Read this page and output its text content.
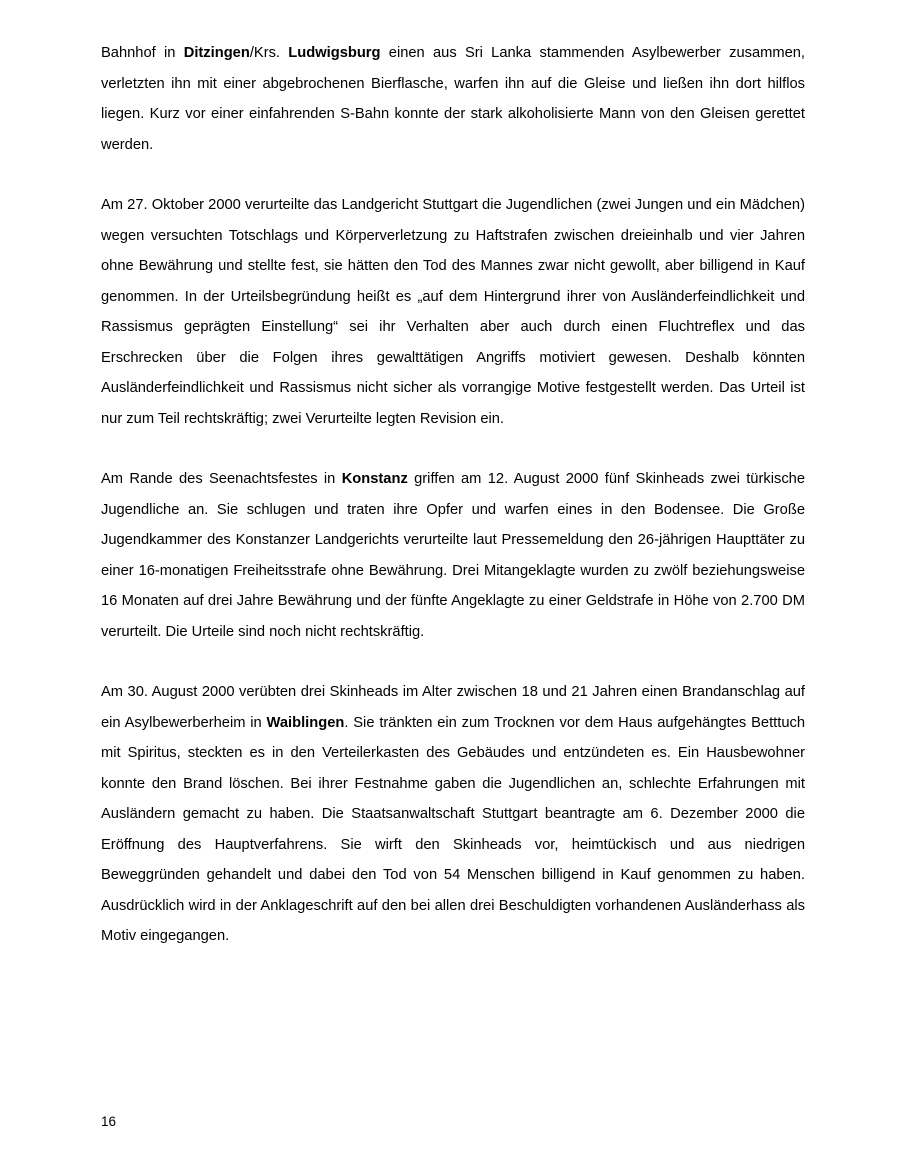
Bahnhof in Ditzingen/Krs. Ludwigsburg einen aus Sri Lanka stammenden Asylbewerber zusammen, verletzten ihn mit einer abgebrochenen Bierflasche, warfen ihn auf die Gleise und ließen ihn dort hilflos liegen. Kurz vor einer einfahrenden S-Bahn konnte der stark alkoholisierte Mann von den Gleisen gerettet werden.

Am 27. Oktober 2000 verurteilte das Landgericht Stuttgart die Jugendlichen (zwei Jungen und ein Mädchen) wegen versuchten Totschlags und Körperverletzung zu Haftstrafen zwischen dreieinhalb und vier Jahren ohne Bewährung und stellte fest, sie hätten den Tod des Mannes zwar nicht gewollt, aber billigend in Kauf genommen. In der Urteilsbegründung heißt es „auf dem Hintergrund ihrer von Ausländerfeindlichkeit und Rassismus geprägten Einstellung“ sei ihr Verhalten aber auch durch einen Fluchtreflex und das Erschrecken über die Folgen ihres gewalttätigen Angriffs motiviert gewesen. Deshalb könnten Ausländerfeindlichkeit und Rassismus nicht sicher als vorrangige Motive festgestellt werden. Das Urteil ist nur zum Teil rechtskräftig; zwei Verurteilte legten Revision ein.

Am Rande des Seenachtsfestes in Konstanz griffen am 12. August 2000 fünf Skinheads zwei türkische Jugendliche an. Sie schlugen und traten ihre Opfer und warfen eines in den Bodensee. Die Große Jugendkammer des Konstanzer Landgerichts verurteilte laut Pressemeldung den 26-jährigen Haupttäter zu einer 16-monatigen Freiheitsstrafe ohne Bewährung. Drei Mitangeklagte wurden zu zwölf beziehungsweise 16 Monaten auf drei Jahre Bewährung und der fünfte Angeklagte zu einer Geldstrafe in Höhe von 2.700 DM verurteilt. Die Urteile sind noch nicht rechtskräftig.

Am 30. August 2000 verübten drei Skinheads im Alter zwischen 18 und 21 Jahren einen Brandanschlag auf ein Asylbewerberheim in Waiblingen. Sie tränkten ein zum Trocknen vor dem Haus aufgehängtes Betttuch mit Spiritus, steckten es in den Verteilerkasten des Gebäudes und entzündeten es. Ein Hausbewohner konnte den Brand löschen. Bei ihrer Festnahme gaben die Jugendlichen an, schlechte Erfahrungen mit Ausländern gemacht zu haben. Die Staatsanwaltschaft Stuttgart beantragte am 6. Dezember 2000 die Eröffnung des Hauptverfahrens. Sie wirft den Skinheads vor, heimtückisch und aus niedrigen Beweggründen gehandelt und dabei den Tod von 54 Menschen billigend in Kauf genommen zu haben. Ausdrücklich wird in der Anklageschrift auf den bei allen drei Beschuldigten vorhandenen Ausländerhass als Motiv eingegangen.

16
